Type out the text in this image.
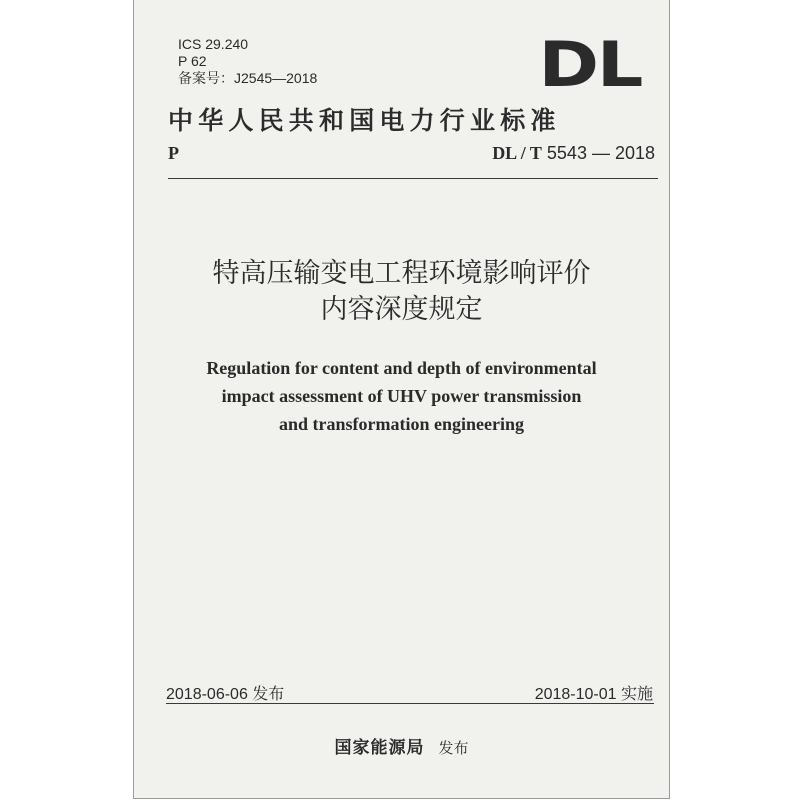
ICS 29.240
P 62
备案号：J2545—2018	DL
中华人民共和国电力行业标准
P	DL / T 5543 — 2018
特高压输变电工程环境影响评价
内容深度规定
Regulation for content and depth of environmental
impact assessment of UHV power transmission
and transformation engineering
2018-06-06 发布	2018-10-01 实施
国家能源局 发布
